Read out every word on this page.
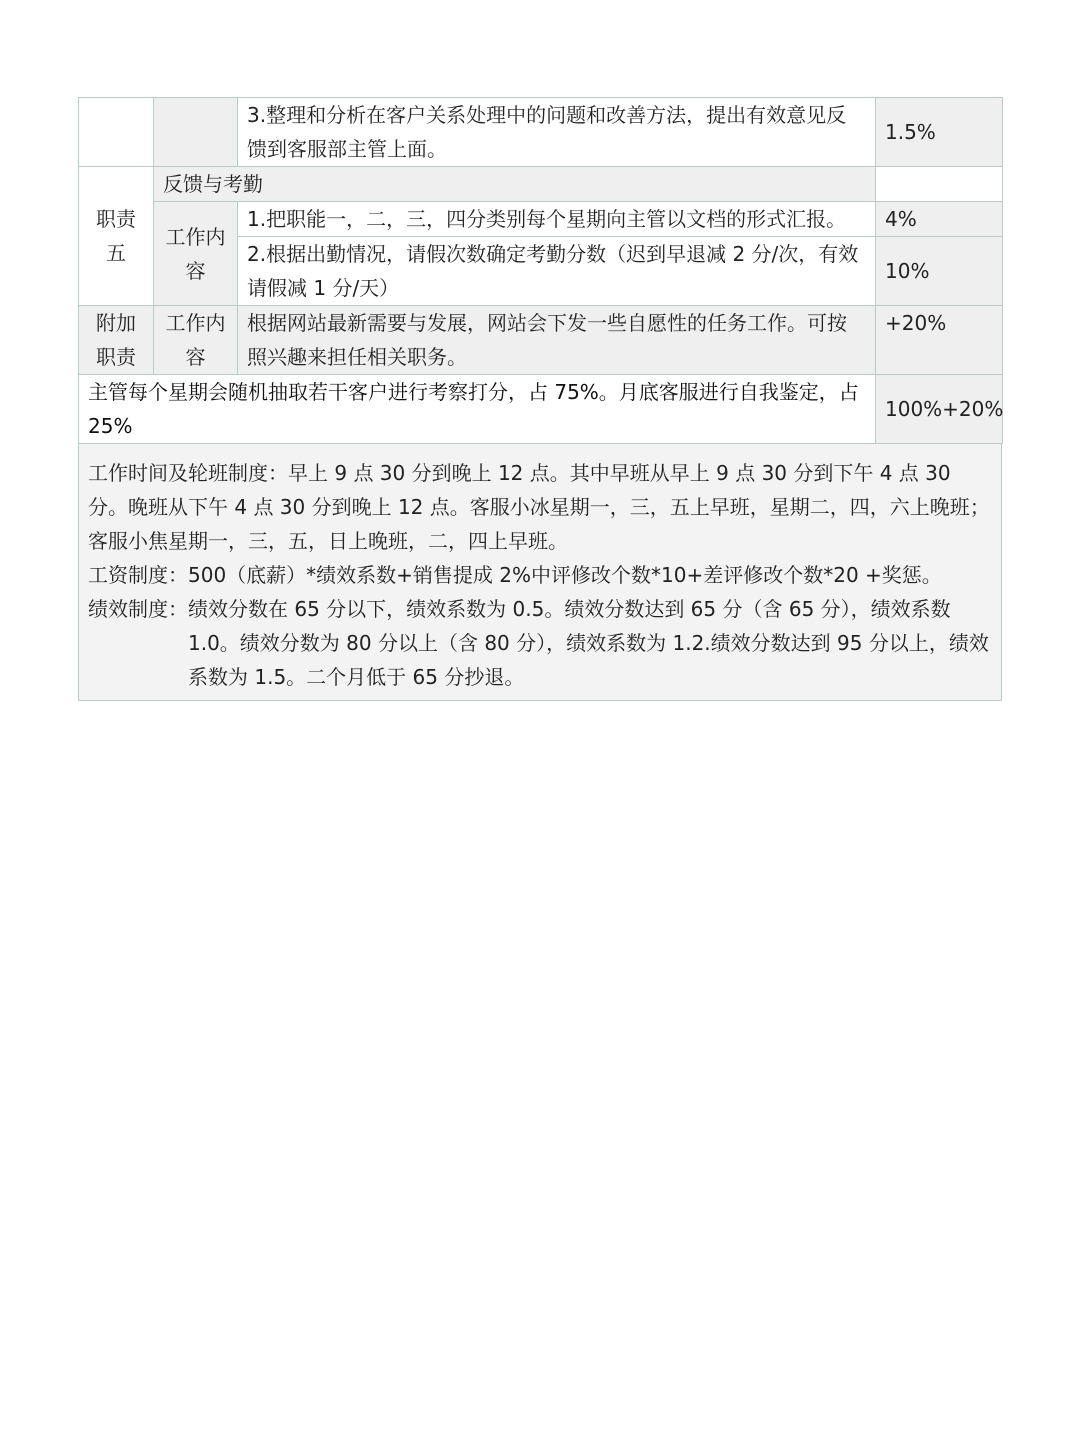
		3.整理和分析在客户关系处理中的问题和改善方法，提出有效意见反馈到客服部主管上面。	1.5%
职责五	反馈与考勤		
	工作内容	1.把职能一，二，三，四分类别每个星期向主管以文档的形式汇报。	4%
		2.根据出勤情况，请假次数确定考勤分数（迟到早退减 2 分/次，有效请假减 1 分/天）	10%
附加职责	工作内容	根据网站最新需要与发展，网站会下发一些自愿性的任务工作。可按照兴趣来担任相关职务。	+20%
主管每个星期会随机抽取若干客户进行考察打分，占 75%。月底客服进行自我鉴定，占 25%			100%+20%

工作时间及轮班制度：早上 9 点 30 分到晚上 12 点。其中早班从早上 9 点 30 分到下午 4 点 30 分。晚班从下午 4 点 30 分到晚上 12 点。客服小冰星期一，三，五上早班，星期二，四，六上晚班；客服小焦星期一，三，五，日上晚班，二，四上早班。

工资制度： 500（底薪）*绩效系数+销售提成 2%中评修改个数*10+差评修改个数*20 +奖惩。
绩效制度： 绩效分数在 65 分以下，绩效系数为 0.5。绩效分数达到 65 分（含 65 分），绩效系数 1.0。绩效分数为 80 分以上（含 80 分），绩效系数为 1.2.绩效分数达到 95 分以上，绩效系数为 1.5。二个月低于 65 分抄退。
